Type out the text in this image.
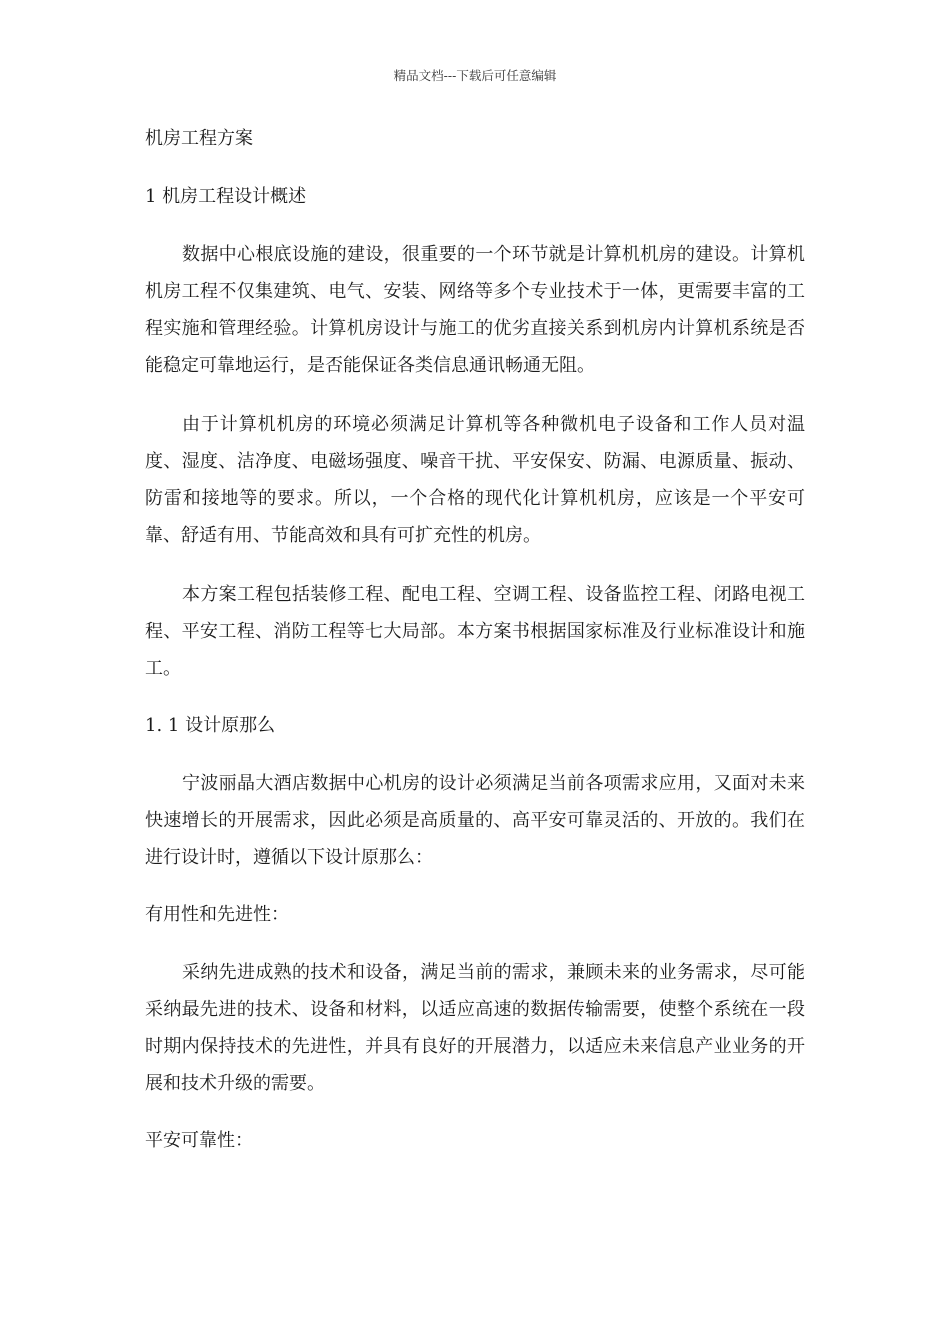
精品文档---下载后可任意编辑
机房工程方案
1 机房工程设计概述

数据中心根底设施的建设，很重要的一个环节就是计算机机房的建设。计算机机房工程不仅集建筑、电气、安装、网络等多个专业技术于一体，更需要丰富的工程实施和管理经验。计算机房设计与施工的优劣直接关系到机房内计算机系统是否能稳定可靠地运行，是否能保证各类信息通讯畅通无阻。

由于计算机机房的环境必须满足计算机等各种微机电子设备和工作人员对温度、湿度、洁净度、电磁场强度、噪音干扰、平安保安、防漏、电源质量、振动、防雷和接地等的要求。所以，一个合格的现代化计算机机房，应该是一个平安可靠、舒适有用、节能高效和具有可扩充性的机房。

本方案工程包括装修工程、配电工程、空调工程、设备监控工程、闭路电视工程、平安工程、消防工程等七大局部。本方案书根据国家标准及行业标准设计和施工。

1. 1 设计原那么

宁波丽晶大酒店数据中心机房的设计必须满足当前各项需求应用，又面对未来快速增长的开展需求，因此必须是高质量的、高平安可靠灵活的、开放的。我们在进行设计时，遵循以下设计原那么：

有用性和先进性：

采纳先进成熟的技术和设备，满足当前的需求，兼顾未来的业务需求，尽可能采纳最先进的技术、设备和材料，以适应高速的数据传输需要，使整个系统在一段时期内保持技术的先进性，并具有良好的开展潜力，以适应未来信息产业业务的开展和技术升级的需要。

平安可靠性：
